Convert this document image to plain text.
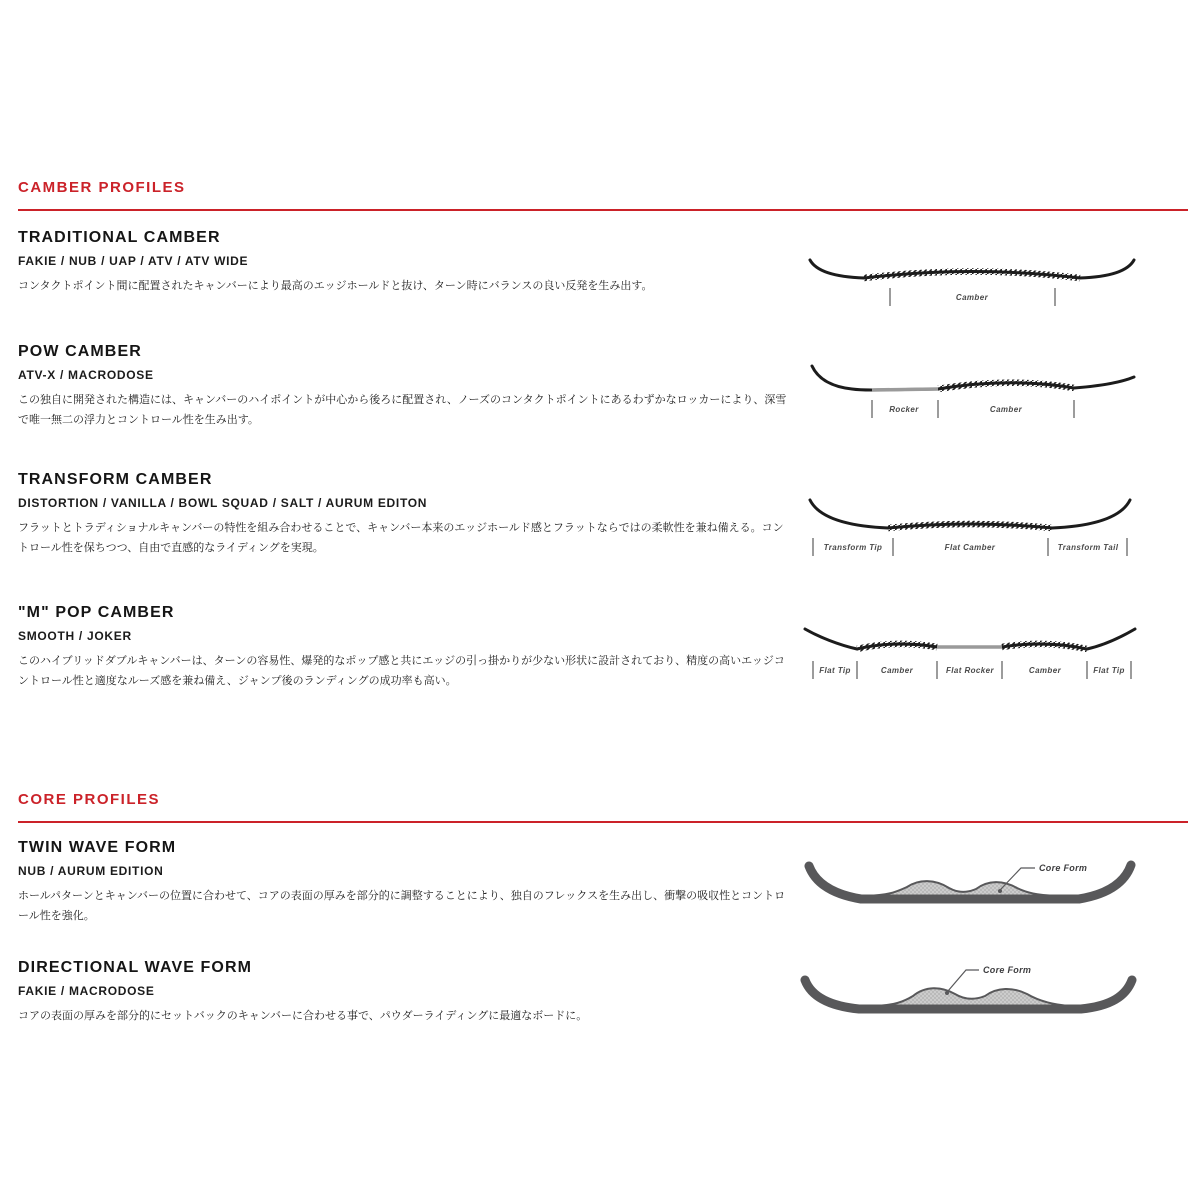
CAMBER PROFILES
TRADITIONAL CAMBER
FAKIE / NUB / UAP / ATV / ATV WIDE

コンタクトポイント間に配置されたキャンバーにより最高のエッジホールドと抜け、ターン時にバランスの良い反発を生み出す。

Camber
POW CAMBER
ATV-X / MACRODOSE

この独自に開発された構造には、キャンバーのハイポイントが中心から後ろに配置され、ノーズのコンタクトポイントにあるわずかなロッカーにより、深雪で唯一無二の浮力とコントロール性を生み出す。

Rocker	Camber
TRANSFORM CAMBER
DISTORTION / VANILLA / BOWL SQUAD / SALT / AURUM EDITON

フラットとトラディショナルキャンバーの特性を組み合わせることで、キャンバー本来のエッジホールド感とフラットならではの柔軟性を兼ね備える。コントロール性を保ちつつ、自由で直感的なライディングを実現。	Transform Tip	Flat Camber	Transform Tail
"M" POP CAMBER
SMOOTH / JOKER

このハイブリッドダブルキャンバーは、ターンの容易性、爆発的なポップ感と共にエッジの引っ掛かりが少ない形状に設計されており、精度の高いエッジコントロール性と適度なルーズ感を兼ね備え、ジャンプ後のランディングの成功率も高い。

Flat Tip	Camber	Flat Rocker	Camber	Flat Tip
CORE PROFILES
TWIN WAVE FORM
NUB / AURUM EDITION

ホールパターンとキャンバーの位置に合わせて、コアの表面の厚みを部分的に調整することにより、独自のフレックスを生み出し、衝撃の吸収性とコントロール性を強化。

Core Form
DIRECTIONAL WAVE FORM
FAKIE / MACRODOSE

コアの表面の厚みを部分的にセットバックのキャンバーに合わせる事で、パウダーライディングに最適なボードに。

Core Form
